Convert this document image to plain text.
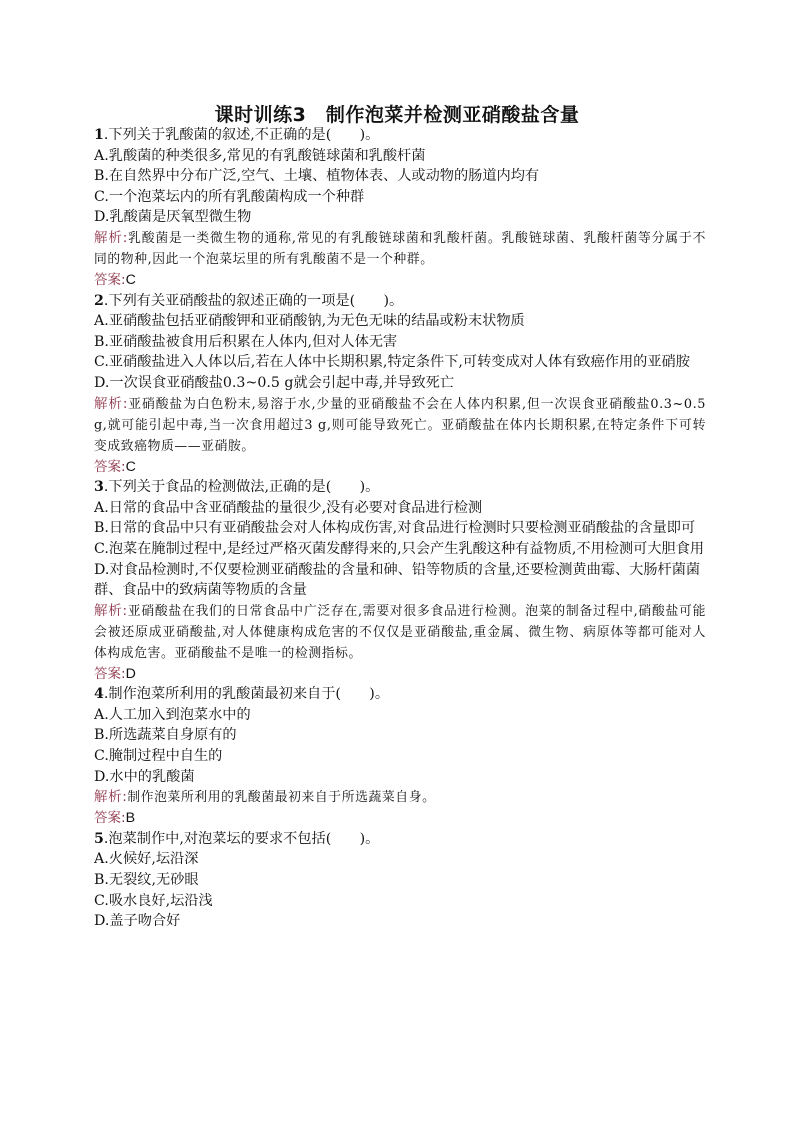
课时训练3　制作泡菜并检测亚硝酸盐含量
1.下列关于乳酸菌的叙述,不正确的是(　　)。
A.乳酸菌的种类很多,常见的有乳酸链球菌和乳酸杆菌
B.在自然界中分布广泛,空气、土壤、植物体表、人或动物的肠道内均有
C.一个泡菜坛内的所有乳酸菌构成一个种群
D.乳酸菌是厌氧型微生物
解析:乳酸菌是一类微生物的通称,常见的有乳酸链球菌和乳酸杆菌。乳酸链球菌、乳酸杆菌等分属于不同的物种,因此一个泡菜坛里的所有乳酸菌不是一个种群。
答案:C
2.下列有关亚硝酸盐的叙述正确的一项是(　　)。
A.亚硝酸盐包括亚硝酸钾和亚硝酸钠,为无色无味的结晶或粉末状物质
B.亚硝酸盐被食用后积累在人体内,但对人体无害
C.亚硝酸盐进入人体以后,若在人体中长期积累,特定条件下,可转变成对人体有致癌作用的亚硝胺
D.一次误食亚硝酸盐0.3~0.5 g就会引起中毒,并导致死亡
解析:亚硝酸盐为白色粉末,易溶于水,少量的亚硝酸盐不会在人体内积累,但一次误食亚硝酸盐0.3~0.5 g,就可能引起中毒,当一次食用超过3 g,则可能导致死亡。亚硝酸盐在体内长期积累,在特定条件下可转变成致癌物质——亚硝胺。
答案:C
3.下列关于食品的检测做法,正确的是(　　)。
A.日常的食品中含亚硝酸盐的量很少,没有必要对食品进行检测
B.日常的食品中只有亚硝酸盐会对人体构成伤害,对食品进行检测时只要检测亚硝酸盐的含量即可
C.泡菜在腌制过程中,是经过严格灭菌发酵得来的,只会产生乳酸这种有益物质,不用检测可大胆食用
D.对食品检测时,不仅要检测亚硝酸盐的含量和砷、铅等物质的含量,还要检测黄曲霉、大肠杆菌菌群、食品中的致病菌等物质的含量
解析:亚硝酸盐在我们的日常食品中广泛存在,需要对很多食品进行检测。泡菜的制备过程中,硝酸盐可能会被还原成亚硝酸盐,对人体健康构成危害的不仅仅是亚硝酸盐,重金属、微生物、病原体等都可能对人体构成危害。亚硝酸盐不是唯一的检测指标。
答案:D
4.制作泡菜所利用的乳酸菌最初来自于(　　)。
A.人工加入到泡菜水中的
B.所选蔬菜自身原有的
C.腌制过程中自生的
D.水中的乳酸菌
解析:制作泡菜所利用的乳酸菌最初来自于所选蔬菜自身。
答案:B
5.泡菜制作中,对泡菜坛的要求不包括(　　)。
A.火候好,坛沿深
B.无裂纹,无砂眼
C.吸水良好,坛沿浅
D.盖子吻合好
